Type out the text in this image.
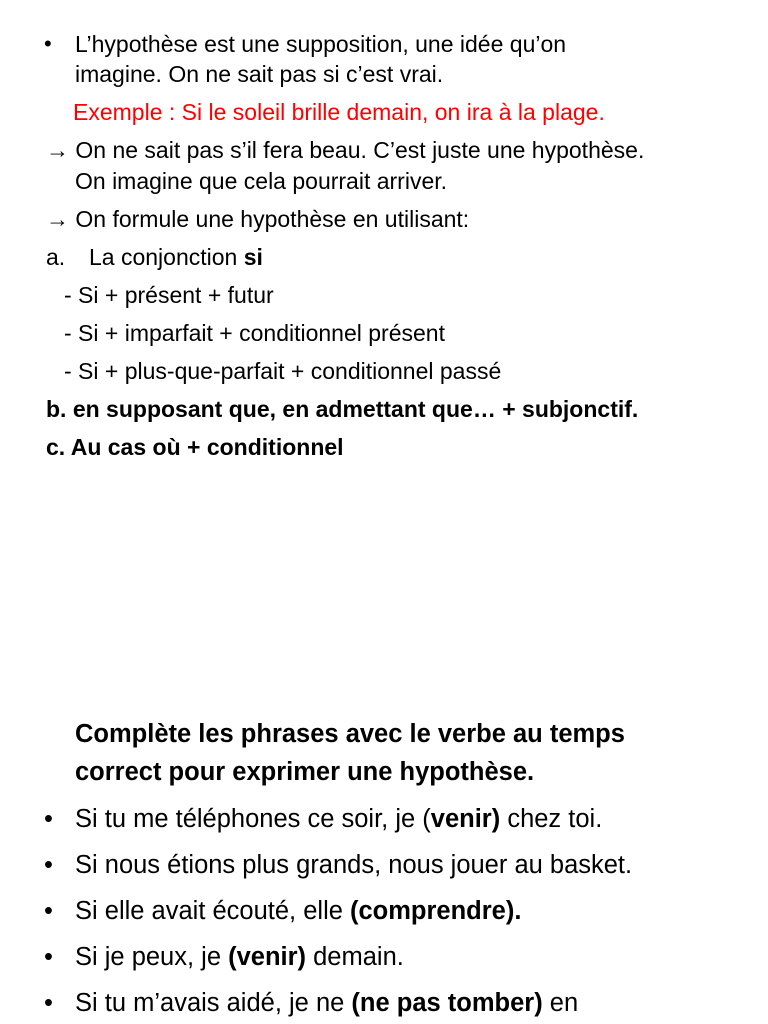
• L’hypothèse est une supposition, une idée qu’on
imagine. On ne sait pas si c’est vrai.
Exemple : Si le soleil brille demain, on ira à la plage.
→ On ne sait pas s’il fera beau. C’est juste une hypothèse.
On imagine que cela pourrait arriver.
→ On formule une hypothèse en utilisant:
a. La conjonction si
- Si + présent + futur
- Si + imparfait + conditionnel présent
- Si + plus-que-parfait + conditionnel passé
b. en supposant que, en admettant que… + subjonctif.
c. Au cas où + conditionnel
Complète les phrases avec le verbe au temps
correct pour exprimer une hypothèse.
• Si tu me téléphones ce soir, je (venir) chez toi.
• Si nous étions plus grands, nous jouer au basket.
• Si elle avait écouté, elle (comprendre).
• Si je peux, je (venir) demain.
• Si tu m’avais aidé, je ne (ne pas tomber) en
